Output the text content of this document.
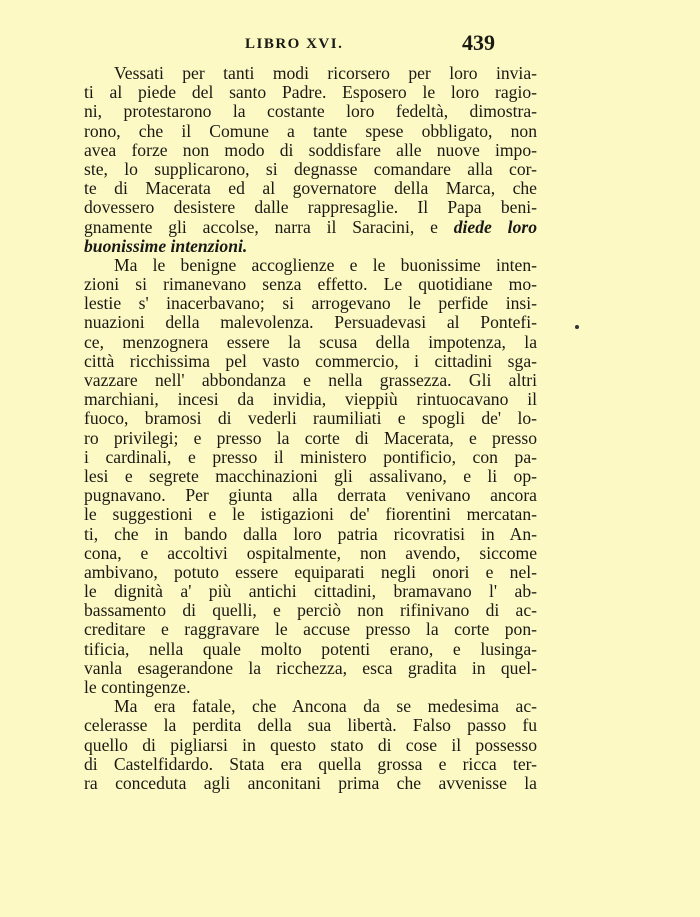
LIBRO XVI.	439
Vessati per tanti modi ricorsero per loro invia-
ti al piede del santo Padre. Esposero le loro ragio-
ni, protestarono la costante loro fedeltà, dimostra-
rono, che il Comune a tante spese obbligato, non
avea forze non modo di soddisfare alle nuove impo-
ste, lo supplicarono, si degnasse comandare alla cor-
te di Macerata ed al governatore della Marca, che
dovessero desistere dalle rappresaglie. Il Papa beni-
gnamente gli accolse, narra il Saracini, e diede loro
buonissime intenzioni.
Ma le benigne accoglienze e le buonissime inten-
zioni si rimanevano senza effetto. Le quotidiane mo-
lestie s' inacerbavano; si arrogevano le perfide insi-
nuazioni della malevolenza. Persuadevasi al Pontefi-
ce, menzognera essere la scusa della impotenza, la
città ricchissima pel vasto commercio, i cittadini sga-
vazzare nell' abbondanza e nella grassezza. Gli altri
marchiani, incesi da invidia, vieppiù rintuocavano il
fuoco, bramosi di vederli raumiliati e spogli de' lo-
ro privilegi; e presso la corte di Macerata, e presso
i cardinali, e presso il ministero pontificio, con pa-
lesi e segrete macchinazioni gli assalivano, e li op-
pugnavano. Per giunta alla derrata venivano ancora
le suggestioni e le istigazioni de' fiorentini mercatan-
ti, che in bando dalla loro patria ricovratisi in An-
cona, e accoltivi ospitalmente, non avendo, siccome
ambivano, potuto essere equiparati negli onori e nel-
le dignità a' più antichi cittadini, bramavano l' ab-
bassamento di quelli, e perciò non rifinivano di ac-
creditare e raggravare le accuse presso la corte pon-
tificia, nella quale molto potenti erano, e lusinga-
vanla esagerandone la ricchezza, esca gradita in quel-
le contingenze.
Ma era fatale, che Ancona da se medesima ac-
celerasse la perdita della sua libertà. Falso passo fu
quello di pigliarsi in questo stato di cose il possesso
di Castelfidardo. Stata era quella grossa e ricca ter-
ra conceduta agli anconitani prima che avvenisse la
